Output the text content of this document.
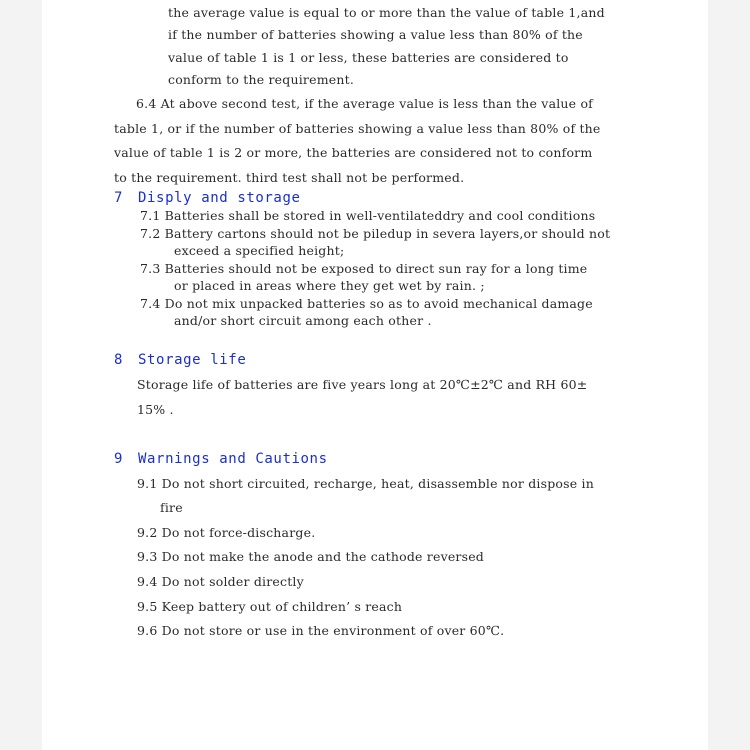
the average value is equal to or more than the value of table 1,and
if the number of batteries showing a value less than 80% of the
value of table 1 is 1 or less, these batteries are considered to
conform to the requirement.
6.4 At above second test, if the average value is less than the value of
table 1, or if the number of batteries showing a value less than 80% of the
value of table 1 is 2 or more, the batteries are considered not to conform
to the requirement. third test shall not be performed.
7 Disply and storage
7.1 Batteries shall be stored in well-ventilateddry and cool conditions
7.2 Battery cartons should not be piledup in severa layers,or should not
exceed a specified height;
7.3 Batteries should not be exposed to direct sun ray for a long time
or placed in areas where they get wet by rain. ;
7.4 Do not mix unpacked batteries so as to avoid mechanical damage
and/or short circuit among each other .
8 Storage life
Storage life of batteries are five years long at 20℃±2℃ and RH 60±
15% .
9 Warnings and Cautions
9.1 Do not short circuited, recharge, heat, disassemble nor dispose in
fire
9.2 Do not force-discharge.
9.3 Do not make the anode and the cathode reversed
9.4 Do not solder directly
9.5 Keep battery out of children’ s reach
9.6 Do not store or use in the environment of over 60℃.
